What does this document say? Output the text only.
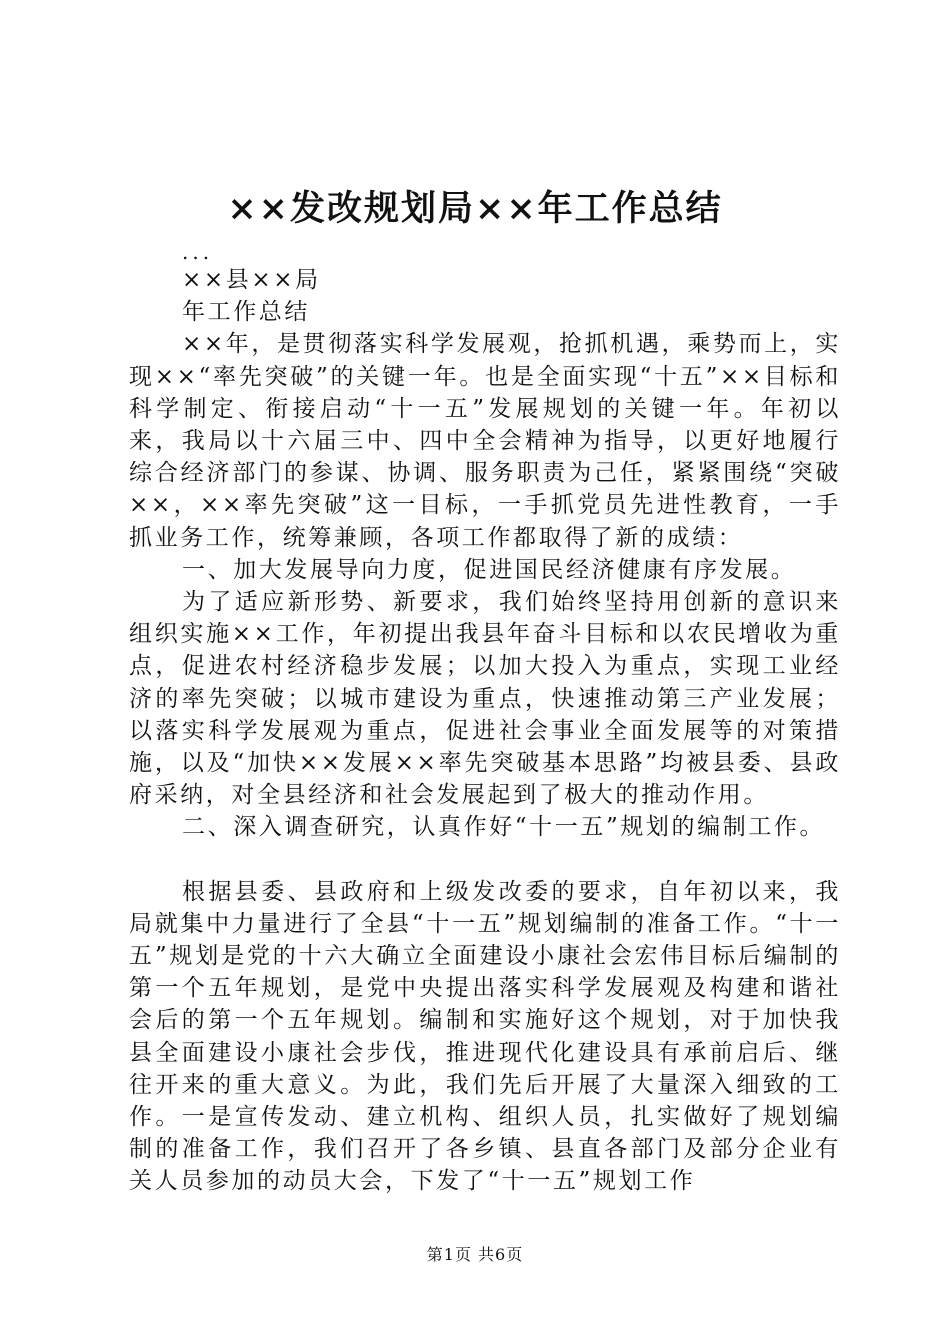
××发改规划局××年工作总结

...

××县××局

年工作总结

××年，是贯彻落实科学发展观，抢抓机遇，乘势而上，实现××“率先突破”的关键一年。也是全面实现“十五”××目标和科学制定、衔接启动“十一五”发展规划的关键一年。年初以来，我局以十六届三中、四中全会精神为指导，以更好地履行综合经济部门的参谋、协调、服务职责为己任，紧紧围绕“突破××，××率先突破”这一目标，一手抓党员先进性教育，一手抓业务工作，统筹兼顾，各项工作都取得了新的成绩：

一、加大发展导向力度，促进国民经济健康有序发展。

为了适应新形势、新要求，我们始终坚持用创新的意识来组织实施××工作，年初提出我县年奋斗目标和以农民增收为重点，促进农村经济稳步发展；以加大投入为重点，实现工业经济的率先突破；以城市建设为重点，快速推动第三产业发展；以落实科学发展观为重点，促进社会事业全面发展等的对策措施，以及“加快××发展××率先突破基本思路”均被县委、县政府采纳，对全县经济和社会发展起到了极大的推动作用。

二、深入调查研究，认真作好“十一五”规划的编制工作。

根据县委、县政府和上级发改委的要求，自年初以来，我局就集中力量进行了全县“十一五”规划编制的准备工作。“十一五”规划是党的十六大确立全面建设小康社会宏伟目标后编制的第一个五年规划，是党中央提出落实科学发展观及构建和谐社会后的第一个五年规划。编制和实施好这个规划，对于加快我县全面建设小康社会步伐，推进现代化建设具有承前启后、继往开来的重大意义。为此，我们先后开展了大量深入细致的工作。一是宣传发动、建立机构、组织人员，扎实做好了规划编制的准备工作，我们召开了各乡镇、县直各部门及部分企业有关人员参加的动员大会，下发了“十一五”规划工作

第1页 共6页
